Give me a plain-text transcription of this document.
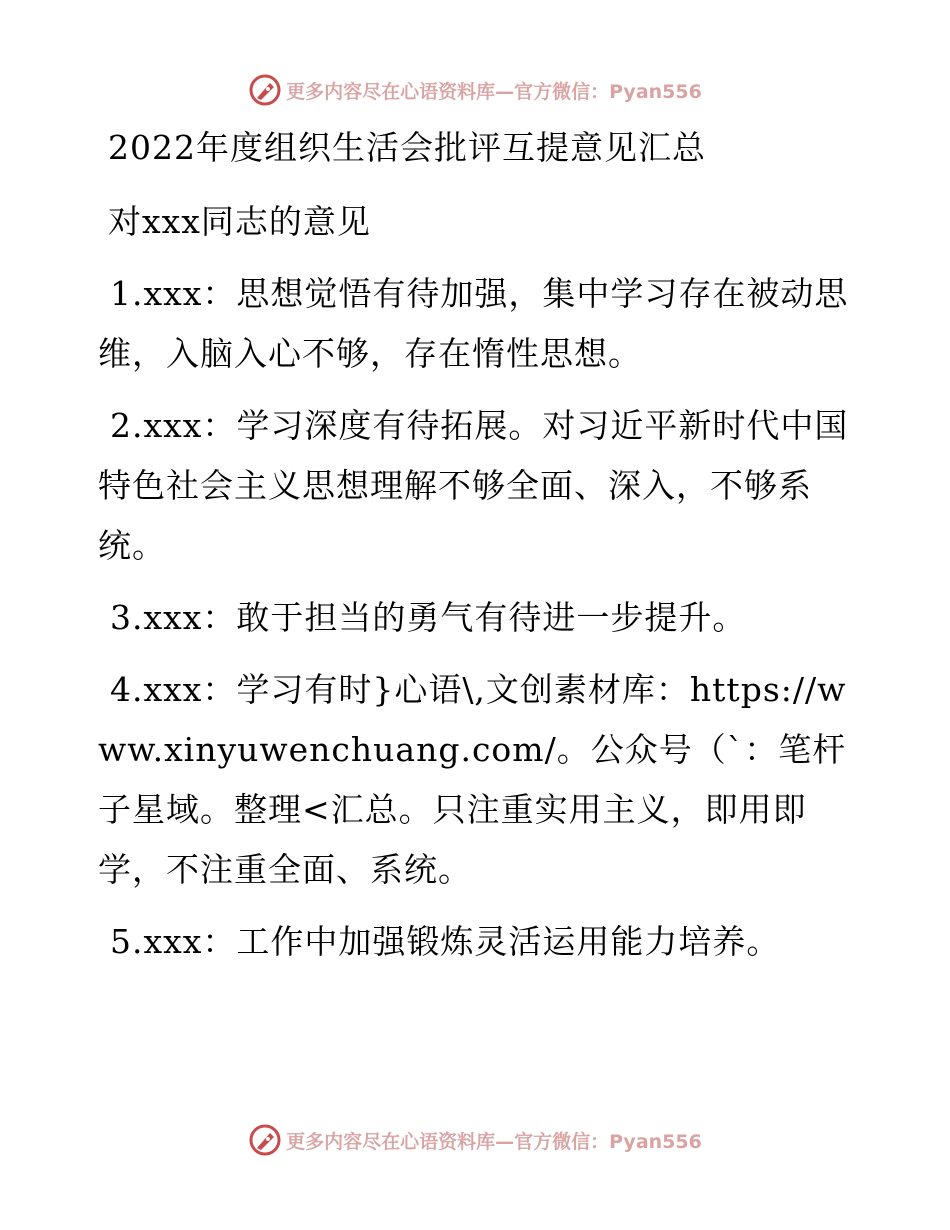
更多内容尽在心语资料库—官方微信：Pyan556

2022年度组织生活会批评互提意见汇总

对xxx同志的意见

1.xxx：思想觉悟有待加强，集中学习存在被动思维，入脑入心不够，存在惰性思想。

2.xxx：学习深度有待拓展。对习近平新时代中国特色社会主义思想理解不够全面、深入，不够系统。

3.xxx：敢于担当的勇气有待进一步提升。

4.xxx：学习有时}心语\,文创素材库：https://www.xinyuwenchuang.com/。公众号（`：笔杆子星域。整理<汇总。只注重实用主义，即用即学，不注重全面、系统。

5.xxx：工作中加强锻炼灵活运用能力培养。

更多内容尽在心语资料库—官方微信：Pyan556
